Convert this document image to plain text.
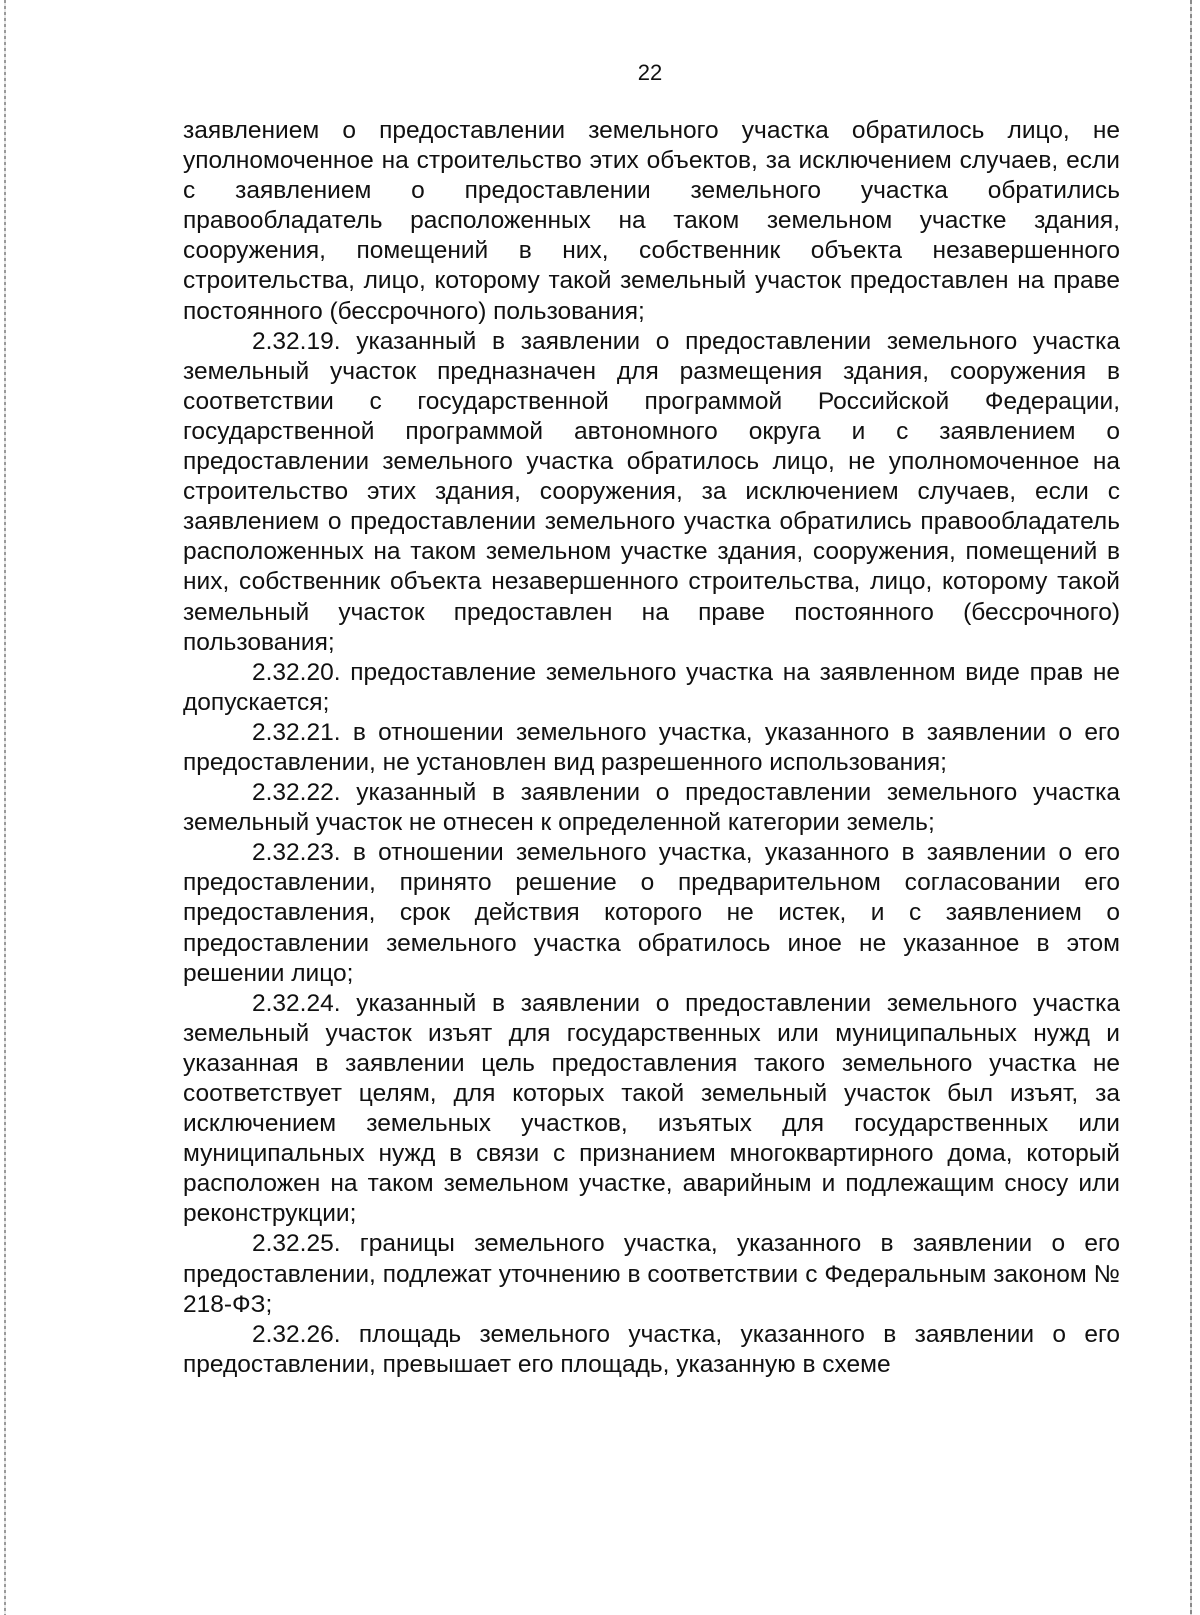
22

заявлением о предоставлении земельного участка обратилось лицо, не уполномоченное на строительство этих объектов, за исключением случаев, если с заявлением о предоставлении земельного участка обратились правообладатель расположенных на таком земельном участке здания, сооружения, помещений в них, собственник объекта незавершенного строительства, лицо, которому такой земельный участок предоставлен на праве постоянного (бессрочного) пользования;

2.32.19. указанный в заявлении о предоставлении земельного участка земельный участок предназначен для размещения здания, сооружения в соответствии с государственной программой Российской Федерации, государственной программой автономного округа и с заявлением о предоставлении земельного участка обратилось лицо, не уполномоченное на строительство этих здания, сооружения, за исключением случаев, если с заявлением о предоставлении земельного участка обратились правообладатель расположенных на таком земельном участке здания, сооружения, помещений в них, собственник объекта незавершенного строительства, лицо, которому такой земельный участок предоставлен на праве постоянного (бессрочного) пользования;

2.32.20. предоставление земельного участка на заявленном виде прав не допускается;

2.32.21. в отношении земельного участка, указанного в заявлении о его предоставлении, не установлен вид разрешенного использования;

2.32.22. указанный в заявлении о предоставлении земельного участка земельный участок не отнесен к определенной категории земель;

2.32.23. в отношении земельного участка, указанного в заявлении о его предоставлении, принято решение о предварительном согласовании его предоставления, срок действия которого не истек, и с заявлением о предоставлении земельного участка обратилось иное не указанное в этом решении лицо;

2.32.24. указанный в заявлении о предоставлении земельного участка земельный участок изъят для государственных или муниципальных нужд и указанная в заявлении цель предоставления такого земельного участка не соответствует целям, для которых такой земельный участок был изъят, за исключением земельных участков, изъятых для государственных или муниципальных нужд в связи с признанием многоквартирного дома, который расположен на таком земельном участке, аварийным и подлежащим сносу или реконструкции;

2.32.25. границы земельного участка, указанного в заявлении о его предоставлении, подлежат уточнению в соответствии с Федеральным законом № 218-ФЗ;

2.32.26. площадь земельного участка, указанного в заявлении о его предоставлении, превышает его площадь, указанную в схеме
